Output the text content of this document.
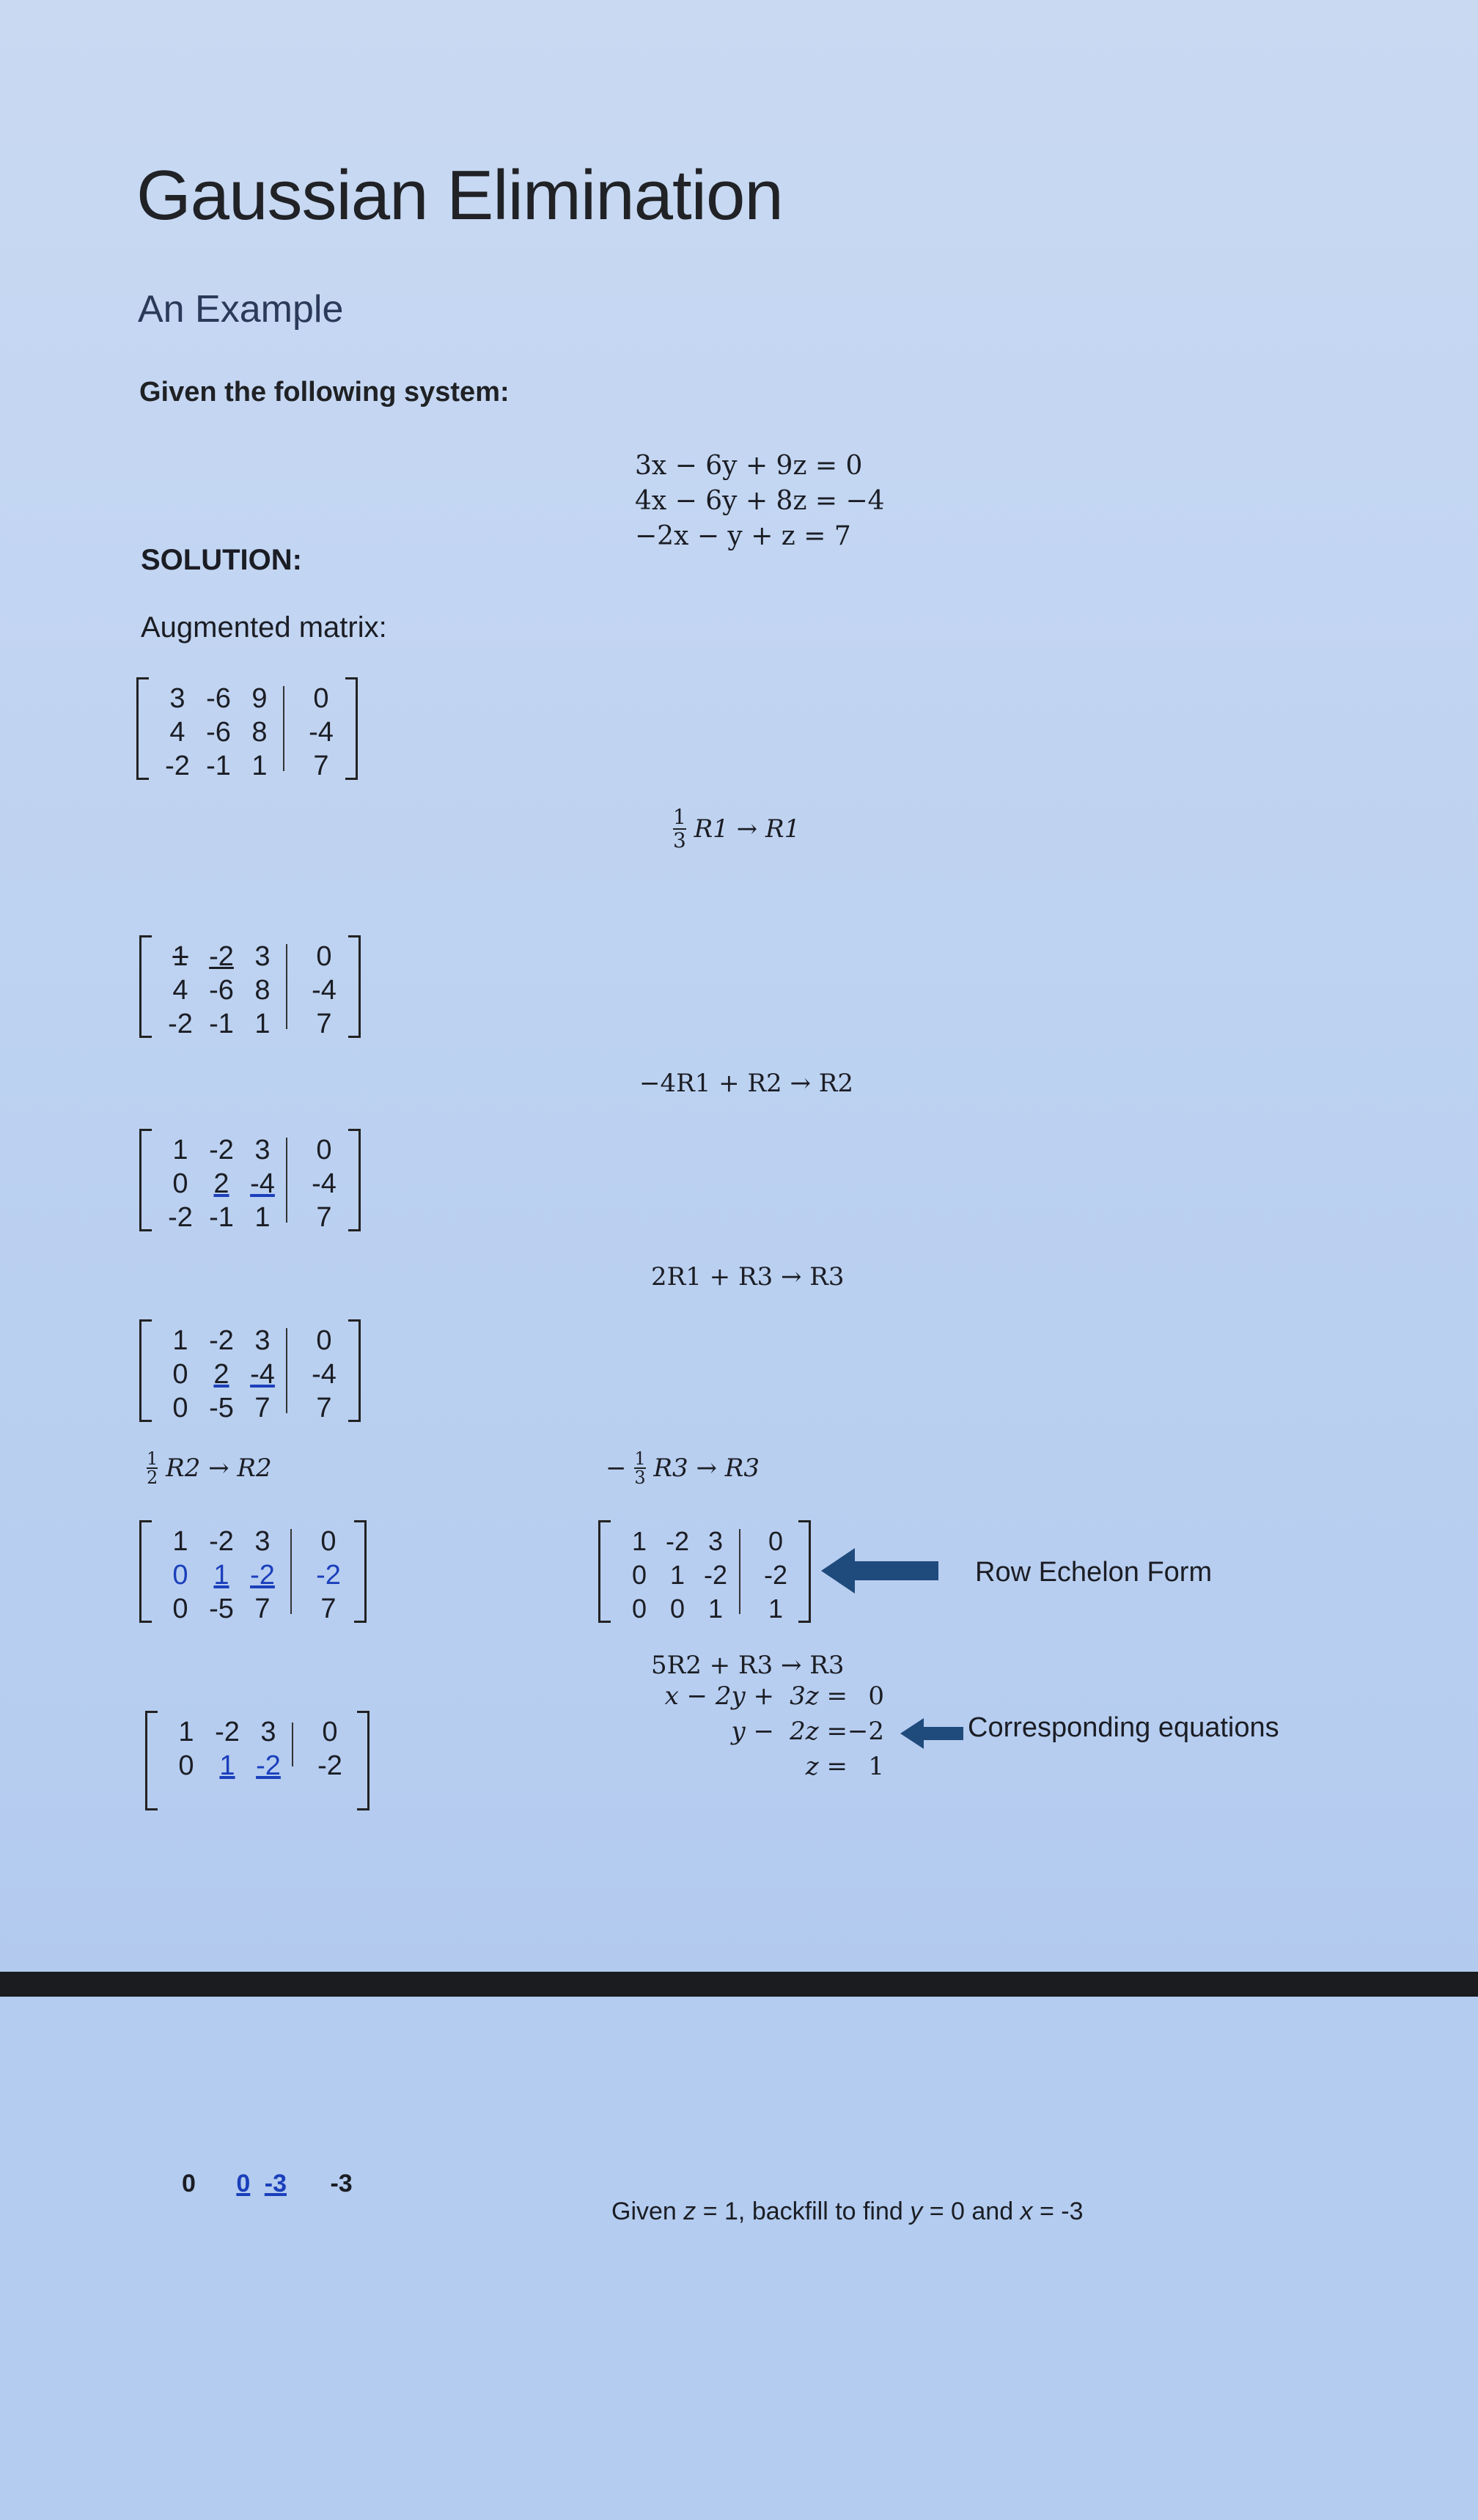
Gaussian Elimination
An Example
Given the following system:
3x − 6y + 9z = 0
4x − 6y + 8z = −4
−2x − y + z = 7
SOLUTION:
Augmented matrix:
3 -6 9	0
4 -6 8	-4
-2 -1 1	7
$\frac{1}{3} R1 \to R1$
1 -2 3	0
4 -6 8	-4
-2 -1 1	7
−4R1 + R2 → R2
1 -2 3	0
0 2 -4	-4
-2 -1 1	7
2R1 + R3 → R3
1 -2 3	0
0 2 -4	-4
0 -5 7	7
$\frac{1}{2} R2 \to R2$	− $\frac{1}{3} R3 \to R3$
1 -2 3	0
0 1 -2	-2
0 -5 7	7
1 -2 3	0
0 1 -2	-2
0 0 1	1
Row Echelon Form
5R2 + R3 → R3
x − 2y + 3z = 0
y − 2z = −2
z = 1
Corresponding equations
1 -2 3	0
0 1 -2	-2
0 0 -3 -3
Given z = 1, backfill to find y = 0 and x = -3
